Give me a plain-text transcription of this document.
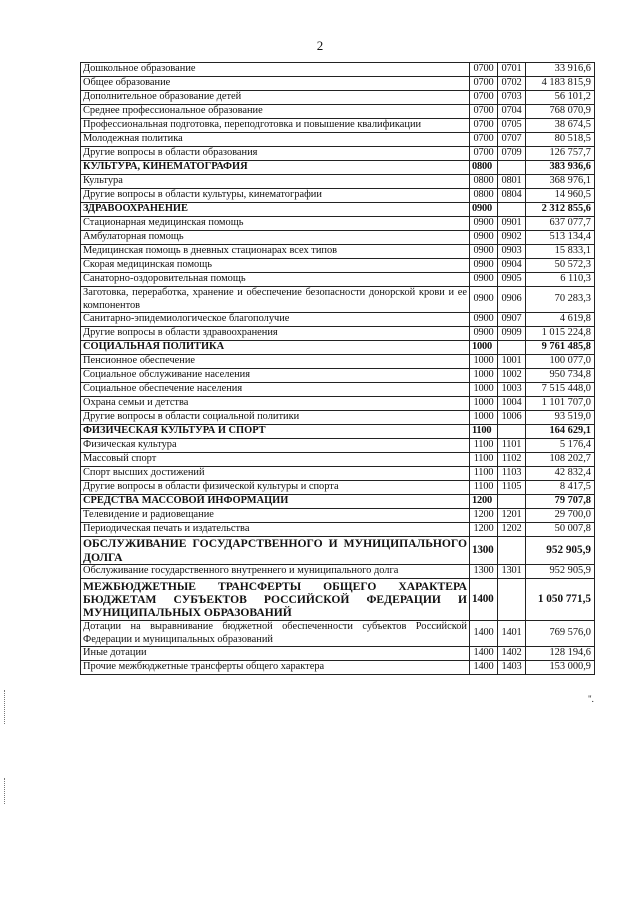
2
Дошкольное образование	0700	0701	33 916,6
Общее образование	0700	0702	4 183 815,9
Дополнительное образование детей	0700	0703	56 101,2
Среднее профессиональное образование	0700	0704	768 070,9
Профессиональная подготовка, переподготовка и повышение квалификации	0700	0705	38 674,5
Молодежная политика	0700	0707	80 518,5
Другие вопросы в области образования	0700	0709	126 757,7
КУЛЬТУРА, КИНЕМАТОГРАФИЯ	0800		383 936,6
Культура	0800	0801	368 976,1
Другие вопросы в области культуры, кинематографии	0800	0804	14 960,5
ЗДРАВООХРАНЕНИЕ	0900		2 312 855,6
Стационарная медицинская помощь	0900	0901	637 077,7
Амбулаторная помощь	0900	0902	513 134,4
Медицинская помощь в дневных стационарах всех типов	0900	0903	15 833,1
Скорая медицинская помощь	0900	0904	50 572,3
Санаторно-оздоровительная помощь	0900	0905	6 110,3
Заготовка, переработка, хранение и обеспечение безопасности донорской крови и ее компонентов	0900	0906	70 283,3
Санитарно-эпидемиологическое благополучие	0900	0907	4 619,8
Другие вопросы в области здравоохранения	0900	0909	1 015 224,8
СОЦИАЛЬНАЯ ПОЛИТИКА	1000		9 761 485,8
Пенсионное обеспечение	1000	1001	100 077,0
Социальное обслуживание населения	1000	1002	950 734,8
Социальное обеспечение населения	1000	1003	7 515 448,0
Охрана семьи и детства	1000	1004	1 101 707,0
Другие вопросы в области социальной политики	1000	1006	93 519,0
ФИЗИЧЕСКАЯ КУЛЬТУРА И СПОРТ	1100		164 629,1
Физическая культура	1100	1101	5 176,4
Массовый спорт	1100	1102	108 202,7
Спорт высших достижений	1100	1103	42 832,4
Другие вопросы в области физической культуры и спорта	1100	1105	8 417,5
СРЕДСТВА МАССОВОЙ ИНФОРМАЦИИ	1200		79 707,8
Телевидение и радиовещание	1200	1201	29 700,0
Периодическая печать и издательства	1200	1202	50 007,8
ОБСЛУЖИВАНИЕ ГОСУДАРСТВЕННОГО И МУНИЦИПАЛЬНОГО ДОЛГА	1300		952 905,9
Обслуживание государственного внутреннего и муниципального долга	1300	1301	952 905,9
МЕЖБЮДЖЕТНЫЕ ТРАНСФЕРТЫ ОБЩЕГО ХАРАКТЕРА БЮДЖЕТАМ СУБЪЕКТОВ РОССИЙСКОЙ ФЕДЕРАЦИИ И МУНИЦИПАЛЬНЫХ ОБРАЗОВАНИЙ	1400		1 050 771,5
Дотации на выравнивание бюджетной обеспеченности субъектов Российской Федерации и муниципальных образований	1400	1401	769 576,0
Иные дотации	1400	1402	128 194,6
Прочие межбюджетные трансферты общего характера	1400	1403	153 000,9
".
